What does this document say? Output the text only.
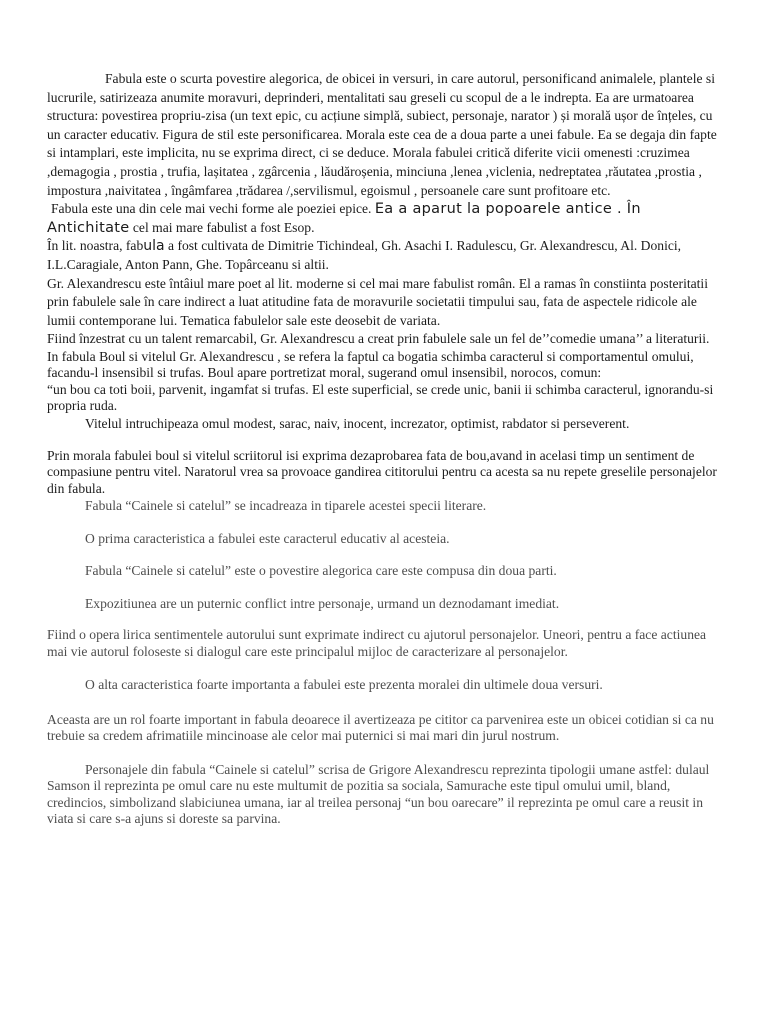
Fabula este o scurta povestire alegorica, de obicei in versuri, in care autorul, personificand animalele, plantele si lucrurile, satirizeaza anumite moravuri, deprinderi, mentalitati sau greseli cu scopul de a le indrepta. Ea are urmatoarea structura: povestirea propriu-zisa (un text epic, cu acțiune simplă, subiect, personaje, narator ) și morală ușor de înțeles, cu un caracter educativ. Figura de stil este personificarea. Morala este cea de a doua parte a unei fabule. Ea se degaja din fapte si intamplari, este implicita, nu se exprima direct, ci se deduce. Morala fabulei critică diferite vicii omenesti :cruzimea ,demagogia , prostia , trufia, lașitatea , zgârcenia , lăudăroșenia, minciuna ,lenea ,viclenia, nedreptatea ,răutatea ,prostia , impostura ,naivitatea , îngâmfarea ,trădarea /,servilismul, egoismul , persoanele care sunt profitoare etc.

Fabula este una din cele mai vechi forme ale poeziei epice. Ea a aparut la popoarele antice . În Antichitate cel mai mare fabulist a fost Esop.

În lit. noastra, fabula a fost cultivata de Dimitrie Tichindeal, Gh. Asachi I. Radulescu, Gr. Alexandrescu, Al. Donici, I.L.Caragiale, Anton Pann, Ghe. Topârceanu si altii.

Gr. Alexandrescu este întâiul mare poet al lit. moderne si cel mai mare fabulist român. El a ramas în constiinta posteritatii prin fabulele sale în care indirect a luat atitudine fata de moravurile societatii timpului sau, fata de aspectele ridicole ale lumii contemporane lui. Tematica fabulelor sale este deosebit de variata.

Fiind înzestrat cu un talent remarcabil, Gr. Alexandrescu a creat prin fabulele sale un fel de’’comedie umana’’ a literaturii.

In fabula Boul si vitelul Gr. Alexandrescu , se refera la faptul ca bogatia schimba caracterul si comportamentul omului, facandu-l insensibil si trufas. Boul apare portretizat moral, sugerand omul insensibil, norocos, comun:

“un bou ca toti boii, parvenit, ingamfat si trufas. El este superficial, se crede unic, banii ii schimba caracterul, ignorandu-si propria ruda.

Vitelul intruchipeaza omul modest, sarac, naiv, inocent, increzator, optimist, rabdator si perseverent.

Prin morala fabulei boul si vitelul scriitorul isi exprima dezaprobarea fata de bou,avand in acelasi timp un sentiment de compasiune pentru vitel. Naratorul vrea sa provoace gandirea cititorului pentru ca acesta sa nu repete greselile personajelor din fabula.

Fabula “Cainele si catelul” se incadreaza in tiparele acestei specii literare.

O prima caracteristica a fabulei este caracterul educativ al acesteia.

Fabula “Cainele si catelul” este o povestire alegorica care este compusa din doua parti.

Expozitiunea are un puternic conflict intre personaje, urmand un deznodamant imediat.

Fiind o opera lirica sentimentele autorului sunt exprimate indirect cu ajutorul personajelor. Uneori, pentru a face actiunea mai vie autorul foloseste si dialogul care este principalul mijloc de caracterizare al personajelor.

O alta caracteristica foarte importanta a fabulei este prezenta moralei din ultimele doua versuri.

Aceasta are un rol foarte important in fabula deoarece il avertizeaza pe cititor ca parvenirea este un obicei cotidian si ca nu trebuie sa credem afrimatiile mincinoase ale celor mai puternici si mai mari din jurul nostrum.

Personajele din fabula “Cainele si catelul” scrisa de Grigore Alexandrescu reprezinta tipologii umane astfel: dulaul Samson il reprezinta pe omul care nu este multumit de pozitia sa sociala, Samurache este tipul omului umil, bland, credincios, simbolizand slabiciunea umana, iar al treilea personaj “un bou oarecare” il reprezinta pe omul care a reusit in viata si care s-a ajuns si doreste sa parvina.
